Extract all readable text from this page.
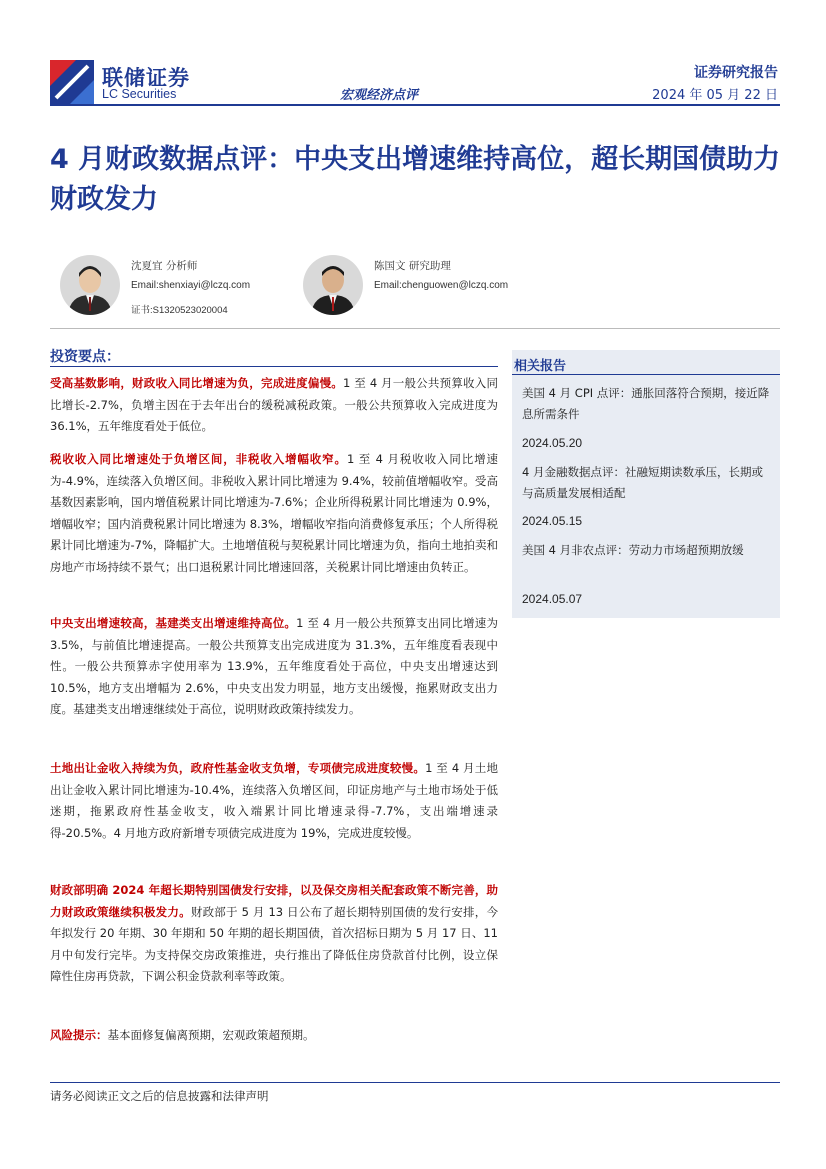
联储证券
LC Securities	宏观经济点评
证券研究报告
2024 年 05 月 22 日
4 月财政数据点评：中央支出增速维持高位，超长期国债助力财政发力
沈夏宜 分析师
Email:shenxiayi@lczq.com
证书:S1320523020004
陈国文 研究助理
Email:chenguowen@lczq.com
投资要点：
受高基数影响，财政收入同比增速为负，完成进度偏慢。1 至 4 月一般公共预算收入同比增长-2.7%，负增主因在于去年出台的缓税减税政策。一般公共预算收入完成进度为 36.1%，五年维度看处于低位。
税收收入同比增速处于负增区间，非税收入增幅收窄。1 至 4 月税收收入同比增速为-4.9%，连续落入负增区间。非税收入累计同比增速为 9.4%，较前值增幅收窄。受高基数因素影响，国内增值税累计同比增速为-7.6%；企业所得税累计同比增速为 0.9%，增幅收窄；国内消费税累计同比增速为 8.3%，增幅收窄指向消费修复承压；个人所得税累计同比增速为-7%，降幅扩大。土地增值税与契税累计同比增速为负，指向土地拍卖和房地产市场持续不景气；出口退税累计同比增速回落，关税累计同比增速由负转正。
中央支出增速较高，基建类支出增速维持高位。1 至 4 月一般公共预算支出同比增速为 3.5%，与前值比增速提高。一般公共预算支出完成进度为 31.3%，五年维度看表现中性。一般公共预算赤字使用率为 13.9%，五年维度看处于高位，中央支出增速达到 10.5%，地方支出增幅为 2.6%，中央支出发力明显，地方支出缓慢，拖累财政支出力度。基建类支出增速继续处于高位，说明财政政策持续发力。
土地出让金收入持续为负，政府性基金收支负增，专项债完成进度较慢。1 至 4 月土地出让金收入累计同比增速为-10.4%，连续落入负增区间，印证房地产与土地市场处于低迷期，拖累政府性基金收支，收入端累计同比增速录得-7.7%，支出端增速录得-20.5%。4 月地方政府新增专项债完成进度为 19%，完成进度较慢。
财政部明确 2024 年超长期特别国债发行安排，以及保交房相关配套政策不断完善，助力财政政策继续积极发力。财政部于 5 月 13 日公布了超长期特别国债的发行安排，今年拟发行 20 年期、30 年期和 50 年期的超长期国债，首次招标日期为 5 月 17 日、11 月中旬发行完毕。为支持保交房政策推进，央行推出了降低住房贷款首付比例，设立保障性住房再贷款，下调公积金贷款利率等政策。
风险提示：基本面修复偏离预期，宏观政策超预期。
相关报告
美国 4 月 CPI 点评：通胀回落符合预期，接近降息所需条件
2024.05.20
4 月金融数据点评：社融短期读数承压，长期或与高质量发展相适配
2024.05.15
美国 4 月非农点评：劳动力市场超预期放缓
2024.05.07
请务必阅读正文之后的信息披露和法律声明
